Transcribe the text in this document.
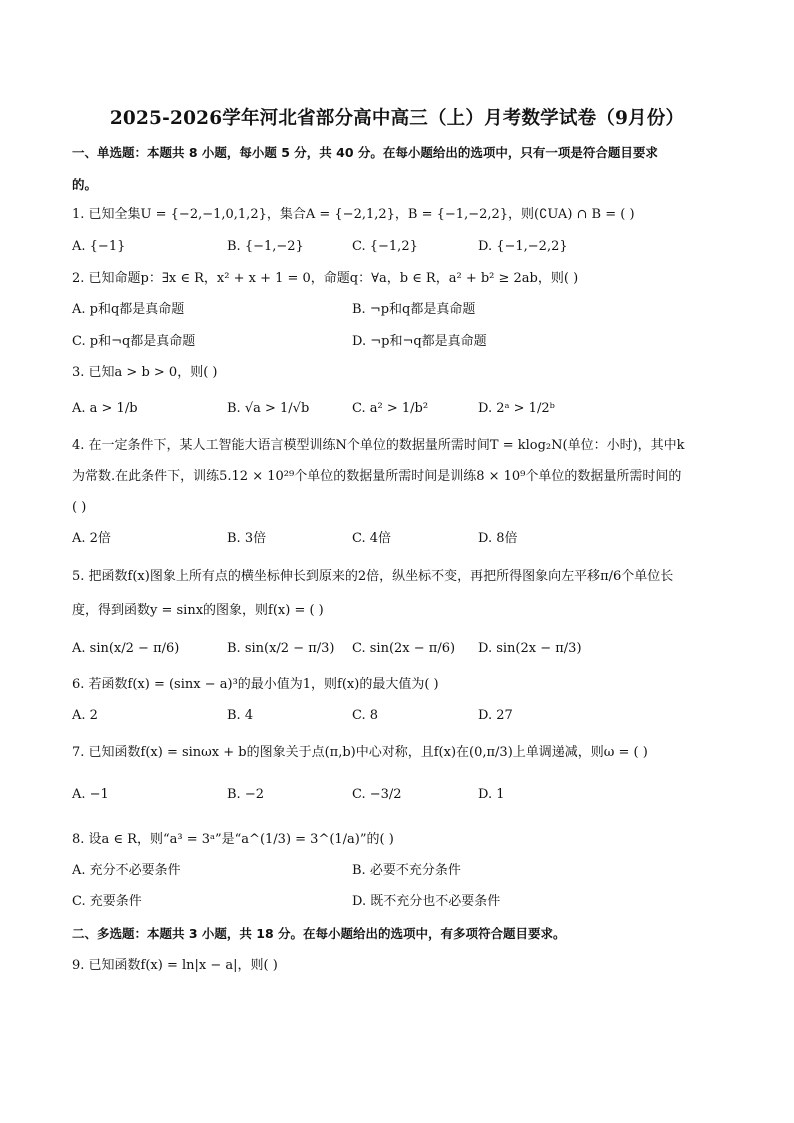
2025-2026学年河北省部分高中高三（上）月考数学试卷（9月份）
一、单选题：本题共 8 小题，每小题 5 分，共 40 分。在每小题给出的选项中，只有一项是符合题目要求
的。
1. 已知全集U = {−2,−1,0,1,2}，集合A = {−2,1,2}，B = {−1,−2,2}，则(∁UA) ∩ B = ( )
A. {−1}	B. {−1,−2}	C. {−1,2}	D. {−1,−2,2}
2. 已知命题p：∃x ∈ R，x² + x + 1 = 0，命题q：∀a，b ∈ R，a² + b² ≥ 2ab，则( )
A. p和q都是真命题	B. ¬p和q都是真命题
C. p和¬q都是真命题	D. ¬p和¬q都是真命题
3. 已知a > b > 0，则( )
A. a > 1/b	B. √a > 1/√b	C. a² > 1/b²	D. 2ᵃ > 1/2ᵇ
4. 在一定条件下，某人工智能大语言模型训练N个单位的数据量所需时间T = klog₂N(单位：小时)，其中k
为常数.在此条件下，训练5.12 × 10²⁹个单位的数据量所需时间是训练8 × 10⁹个单位的数据量所需时间的
( )
A. 2倍	B. 3倍	C. 4倍	D. 8倍
5. 把函数f(x)图象上所有点的横坐标伸长到原来的2倍，纵坐标不变，再把所得图象向左平移π/6个单位长
度，得到函数y = sinx的图象，则f(x) = ( )
A. sin(x/2 − π/6)	B. sin(x/2 − π/3) C. sin(2x − π/6) D. sin(2x − π/3)
6. 若函数f(x) = (sinx − a)³的最小值为1，则f(x)的最大值为( )
A. 2	B. 4	C. 8	D. 27
7. 已知函数f(x) = sinωx + b的图象关于点(π,b)中心对称，且f(x)在(0,π/3)上单调递减，则ω = ( )
A. −1	B. −2	C. −3/2	D. 1
8. 设a ∈ R，则“a³ = 3ᵃ”是“a^(1/3) = 3^(1/a)”的( )
A. 充分不必要条件	B. 必要不充分条件
C. 充要条件	D. 既不充分也不必要条件
二、多选题：本题共 3 小题，共 18 分。在每小题给出的选项中，有多项符合题目要求。
9. 已知函数f(x) = ln|x − a|，则( )
